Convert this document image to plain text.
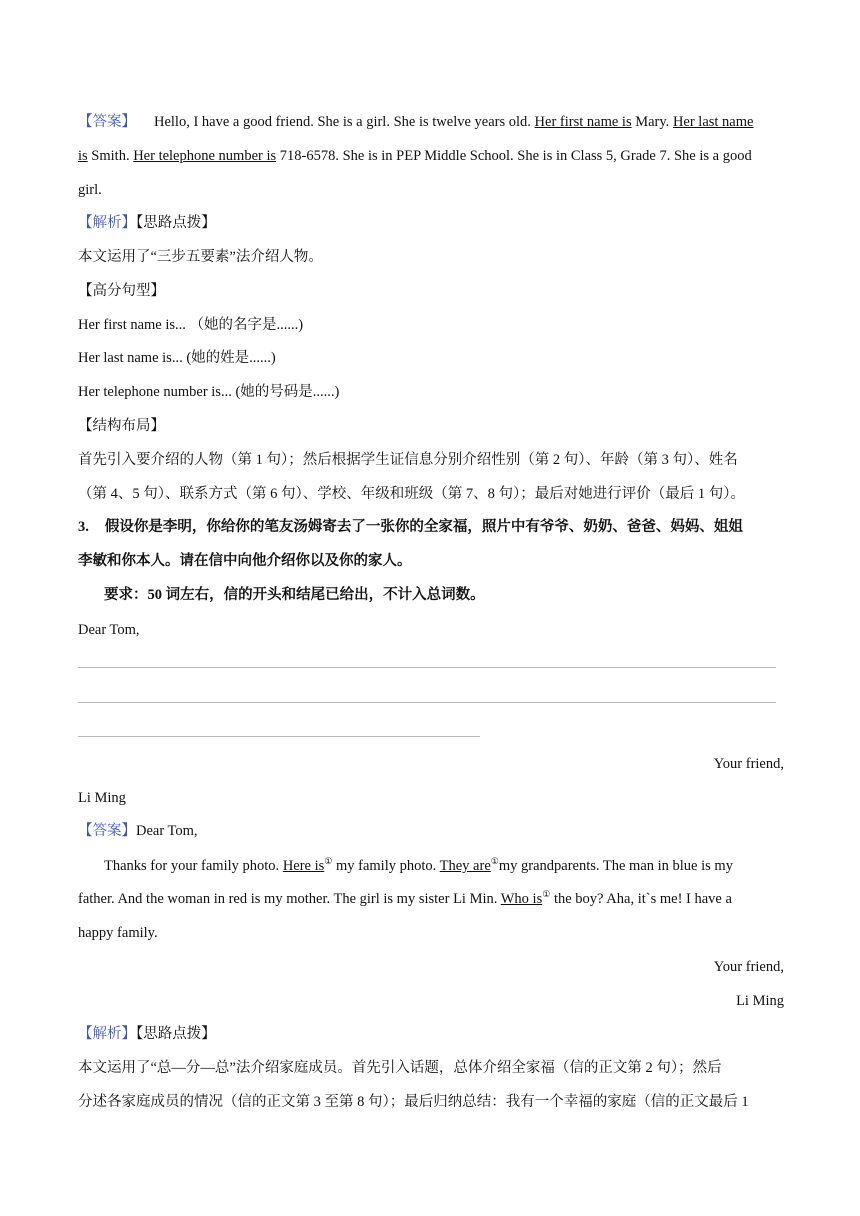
【答案】 Hello, I have a good friend. She is a girl. She is twelve years old. Her first name is Mary. Her last name
is Smith. Her telephone number is 718-6578. She is in PEP Middle School. She is in Class 5, Grade 7. She is a good
girl.
【解析】【思路点拨】
本文运用了“三步五要素”法介绍人物。
【高分句型】
Her first name is... （她的名字是......)
Her last name is... (她的姓是......)
Her telephone number is... (她的号码是......)
【结构布局】
首先引入要介绍的人物（第 1 句）；然后根据学生证信息分别介绍性别（第 2 句）、年龄（第 3 句）、姓名
（第 4、5 句）、联系方式（第 6 句）、学校、年级和班级（第 7、8 句）；最后对她进行评价（最后 1 句）。
3. 假设你是李明，你给你的笔友汤姆寄去了一张你的全家福，照片中有爷爷、奶奶、爸爸、妈妈、姐姐
李敏和你本人。请在信中向他介绍你以及你的家人。
要求：50 词左右，信的开头和结尾已给出，不计入总词数。
Dear Tom,
Your friend,
Li Ming
【答案】Dear Tom,
Thanks for your family photo. Here is① my family photo. They are①my grandparents. The man in blue is my
father. And the woman in red is my mother. The girl is my sister Li Min. Who is① the boy? Aha, it`s me! I have a
happy family.
Your friend,
Li Ming
【解析】【思路点拨】
本文运用了“总—分—总”法介绍家庭成员。首先引入话题，总体介绍全家福（信的正文第 2 句）；然后
分述各家庭成员的情况（信的正文第 3 至第 8 句）；最后归纳总结：我有一个幸福的家庭（信的正文最后 1
